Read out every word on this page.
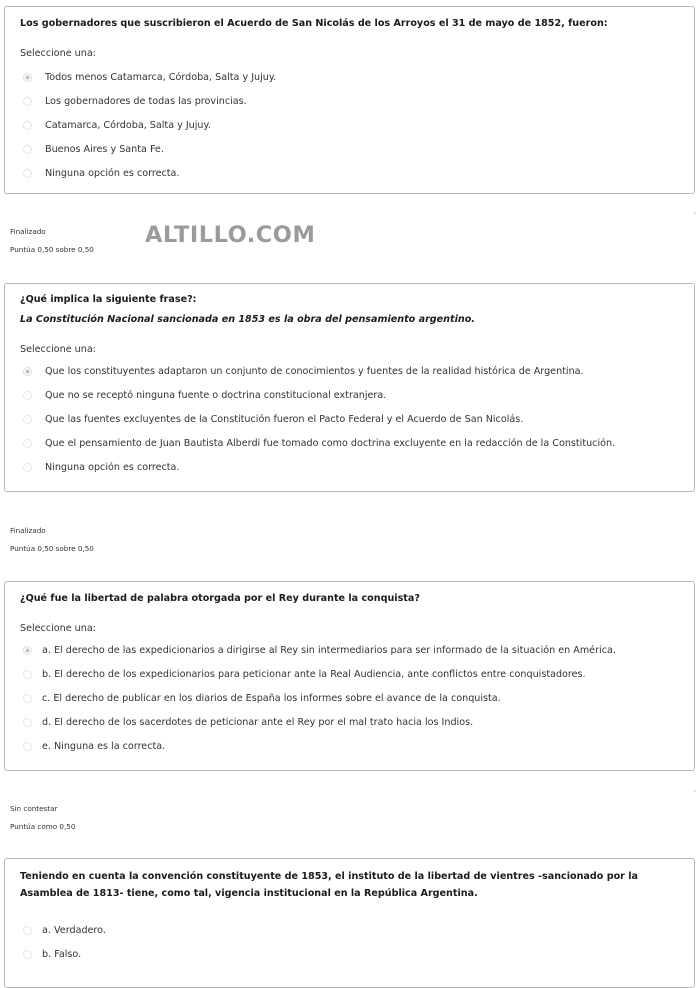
Los gobernadores que suscribieron el Acuerdo de San Nicolás de los Arroyos el 31 de mayo de 1852, fueron:

Seleccione una:
Todos menos Catamarca, Córdoba, Salta y Jujuy.
Los gobernadores de todas las provincias.
Catamarca, Córdoba, Salta y Jujuy.
Buenos Aires y Santa Fe.
Ninguna opción es correcta.
Finalizado
Puntúa 0,50 sobre 0,50
ALTILLO.COM

¿Qué implica la siguiente frase?:

La Constitución Nacional sancionada en 1853 es la obra del pensamiento argentino.

Seleccione una:
Que los constituyentes adaptaron un conjunto de conocimientos y fuentes de la realidad histórica de Argentina.
Que no se receptó ninguna fuente o doctrina constitucional extranjera.
Que las fuentes excluyentes de la Constitución fueron el Pacto Federal y el Acuerdo de San Nicolás.
Que el pensamiento de Juan Bautista Alberdi fue tomado como doctrina excluyente en la redacción de la Constitución.
Ninguna opción es correcta.
Finalizado
Puntúa 0,50 sobre 0,50

¿Qué fue la libertad de palabra otorgada por el Rey durante la conquista?

Seleccione una:
a. El derecho de las expedicionarios a dirigirse al Rey sin intermediarios para ser informado de la situación en América.
b. El derecho de los expedicionarios para peticionar ante la Real Audiencia, ante conflictos entre conquistadores.
c. El derecho de publicar en los diarios de España los informes sobre el avance de la conquista.
d. El derecho de los sacerdotes de peticionar ante el Rey por el mal trato hacia los Indios.
e. Ninguna es la correcta.
Sin contestar
Puntúa como 0,50

Teniendo en cuenta la convención constituyente de 1853, el instituto de la libertad de vientres -sancionado por la Asamblea de 1813- tiene, como tal, vigencia institucional en la República Argentina.

a. Verdadero.
b. Falso.
